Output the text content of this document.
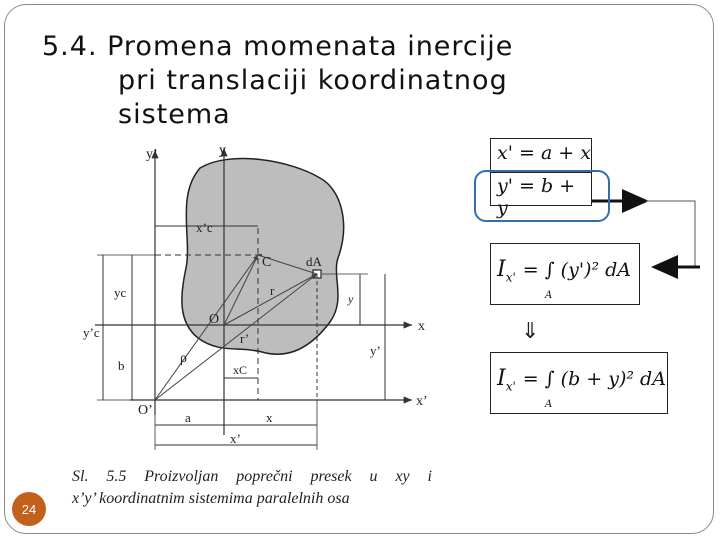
5.4. Promena momenata inercije
pri translaciji koordinatnog
sistema
y’	y
x
x’
x’c
C	dA
r
y
yc
O
y’c	r’
ρ
y’
xC
b
O’ a	x
x’
⇓
x' = a + x
y' = b + y
$I_{x'}$ = ∫ (y')² dA
A
$I_{x'}$ = ∫ (b + y)² dA
A
Sl. 5.5 Proizvoljan poprečni presek u xy i
x’y’ koordinatnim sistemima paralelnih osa
24
